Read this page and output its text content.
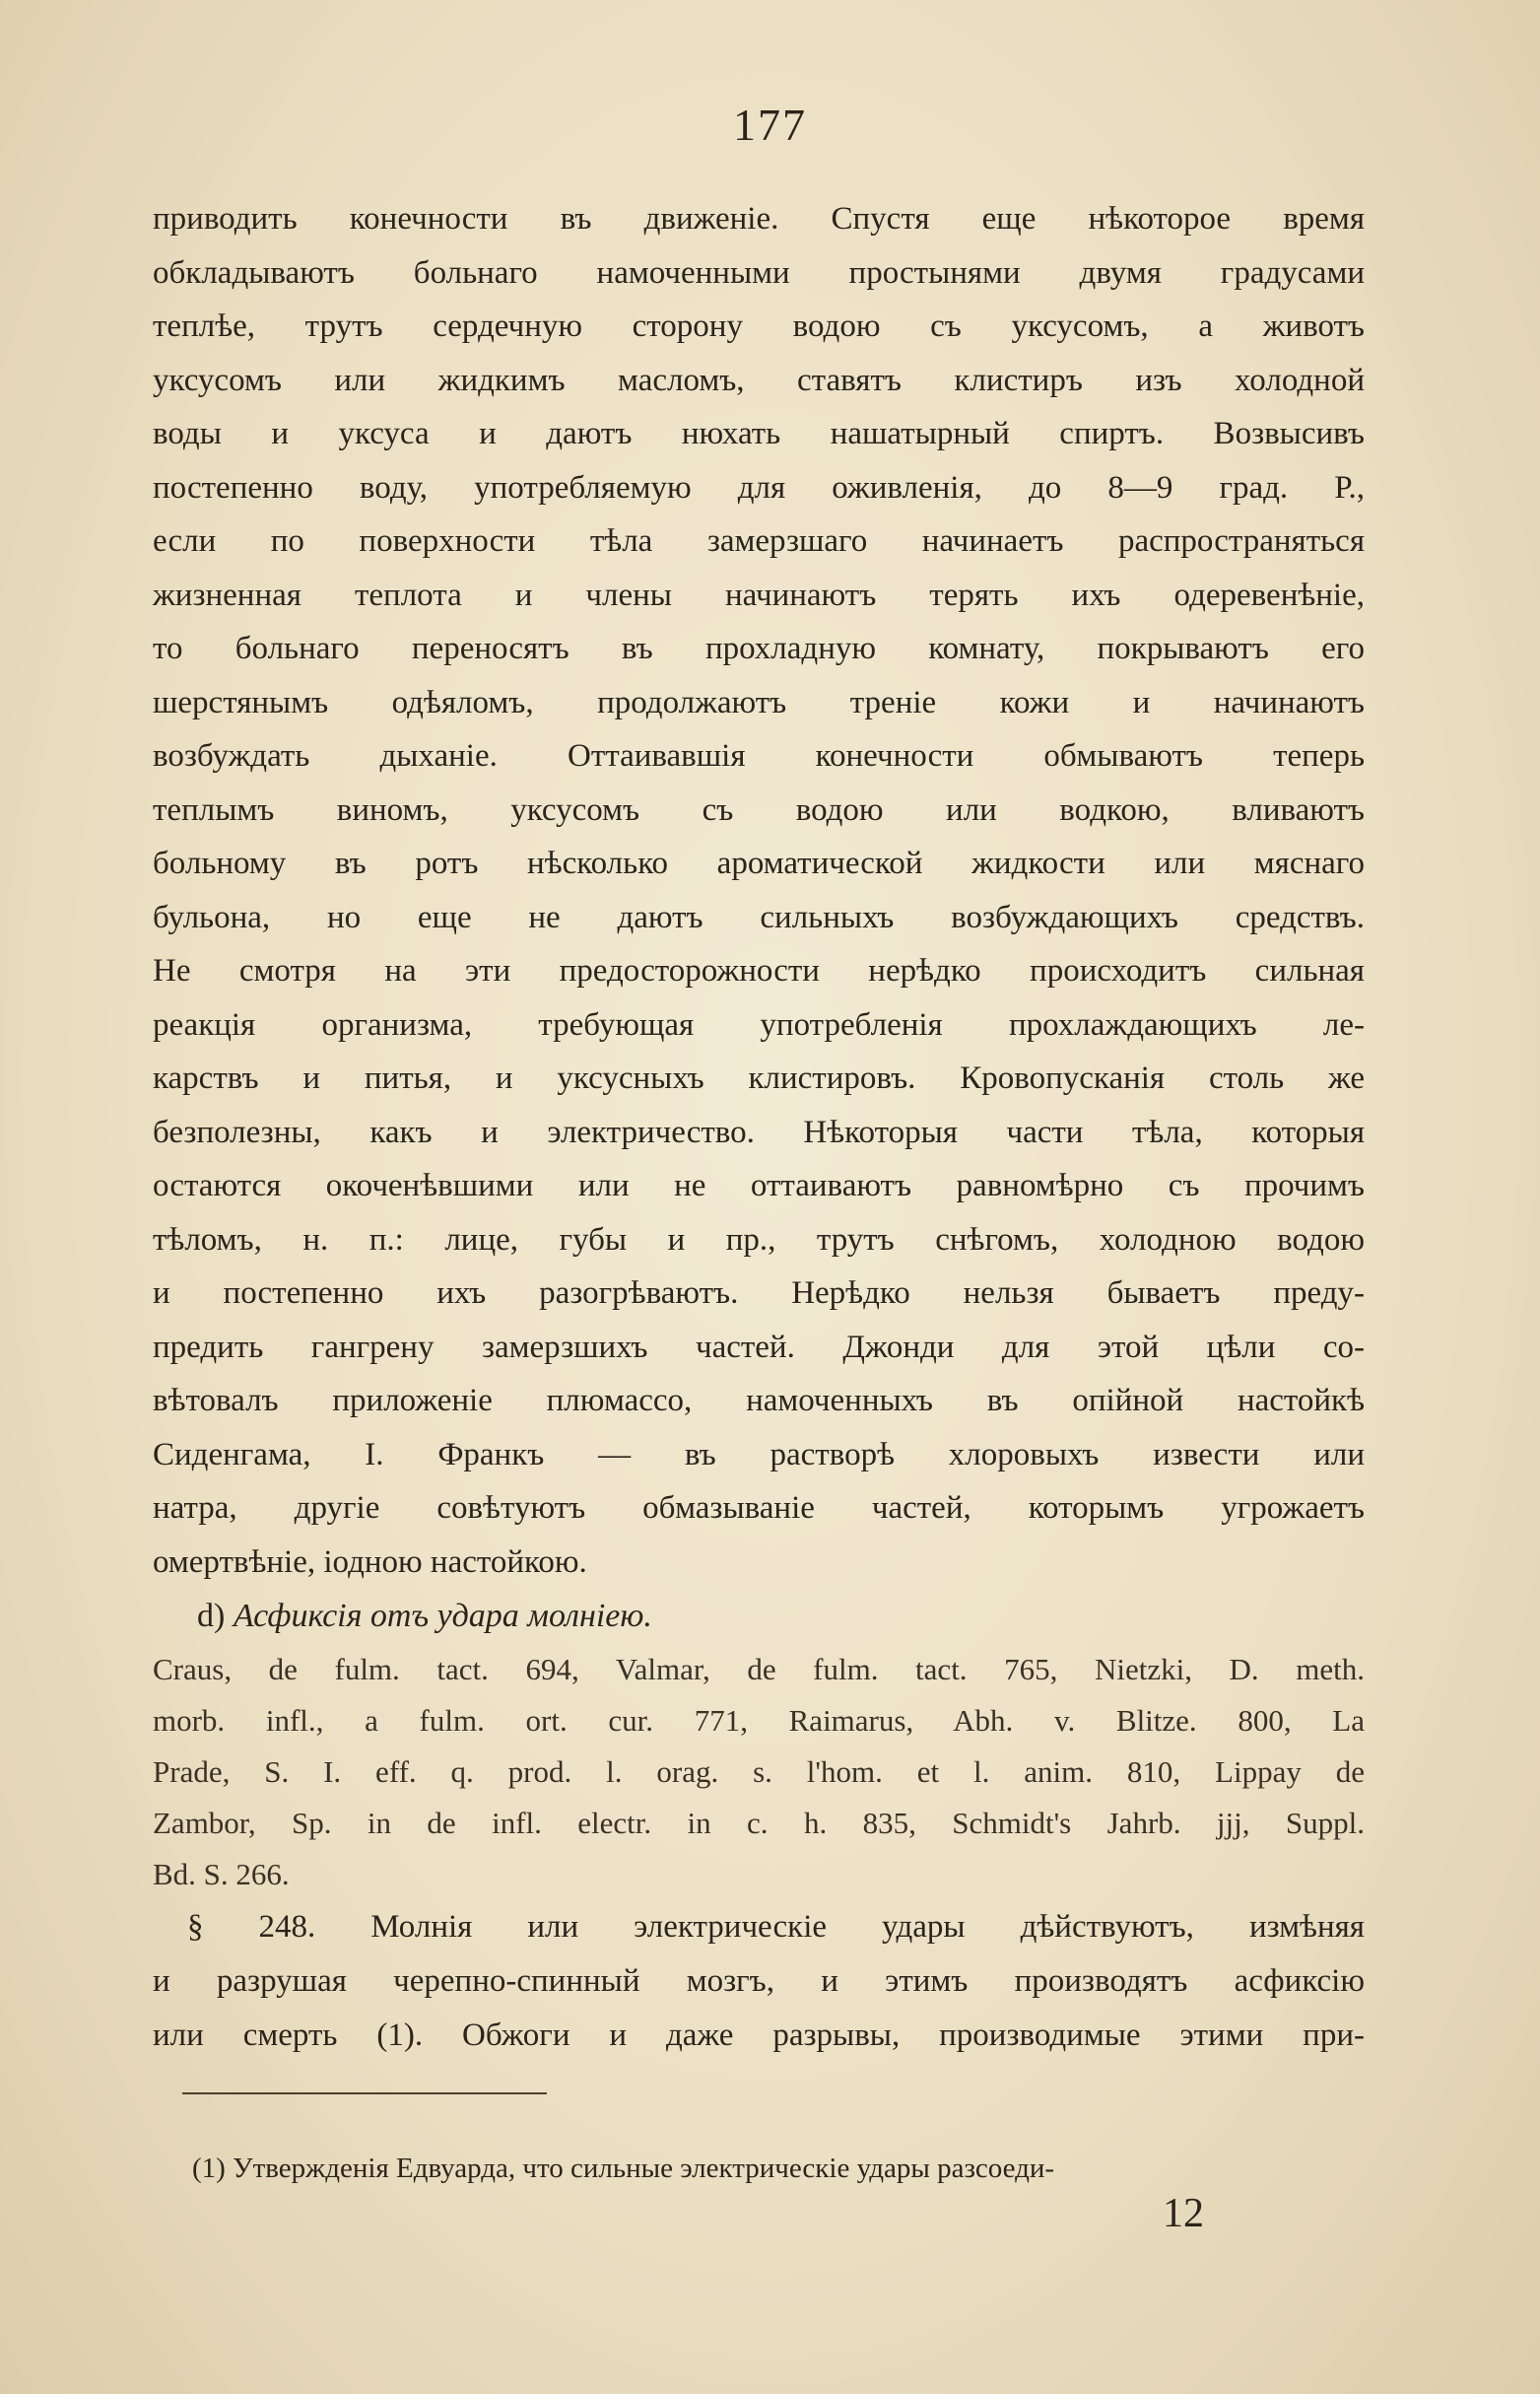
177
приводить конечности въ движеніе. Спустя еще нѣкоторое время
обкладываютъ больнаго намоченными простынями двумя градусами
теплѣе, трутъ сердечную сторону водою съ уксусомъ, а животъ
уксусомъ или жидкимъ масломъ, ставятъ клистиръ изъ холодной
воды и уксуса и даютъ нюхать нашатырный спиртъ. Возвысивъ
постепенно воду, употребляемую для оживленія, до 8—9 град. Р.,
если по поверхности тѣла замерзшаго начинаетъ распространяться
жизненная теплота и члены начинаютъ терять ихъ одеревенѣніе,
то больнаго переносятъ въ прохладную комнату, покрываютъ его
шерстянымъ одѣяломъ, продолжаютъ треніе кожи и начинаютъ
возбуждать дыханіе. Оттаивавшія конечности обмываютъ теперь
теплымъ виномъ, уксусомъ съ водою или водкою, вливаютъ
больному въ ротъ нѣсколько ароматической жидкости или мяснаго
бульона, но еще не даютъ сильныхъ возбуждающихъ средствъ.
Не смотря на эти предосторожности нерѣдко происходитъ сильная
реакція организма, требующая употребленія прохлаждающихъ ле-
карствъ и питья, и уксусныхъ клистировъ. Кровопусканія столь же
безполезны, какъ и электричество. Нѣкоторыя части тѣла, которыя
остаются окоченѣвшими или не оттаиваютъ равномѣрно съ прочимъ
тѣломъ, н. п.: лице, губы и пр., трутъ снѣгомъ, холодною водою
и постепенно ихъ разогрѣваютъ. Нерѣдко нельзя бываетъ преду-
предить гангрену замерзшихъ частей. Джонди для этой цѣли со-
вѣтовалъ приложеніе плюмассо, намоченныхъ въ опійной настойкѣ
Сиденгама, I. Франкъ — въ растворѣ хлоровыхъ извести или
натра, другіе совѣтуютъ обмазываніе частей, которымъ угрожаетъ
омертвѣніе, іодною настойкою.
d) Асфиксія отъ удара молніею.
Craus, de fulm. tact. 694, Valmar, de fulm. tact. 765, Nietzki, D. meth.
morb. infl., a fulm. ort. cur. 771, Raimarus, Abh. v. Blitze. 800, La
Prade, S. I. eff. q. prod. l. orag. s. l'hom. et l. anim. 810, Lippay de
Zambor, Sp. in de infl. electr. in c. h. 835, Schmidt's Jahrb. jjj, Suppl.
Bd. S. 266.
§ 248. Молнія или электрическіе удары дѣйствуютъ, измѣняя
и разрушая черепно-спинный мозгъ, и этимъ производятъ асфиксію
или смерть (1). Обжоги и даже разрывы, производимые этими при-
(1) Утвержденія Едвуарда, что сильные электрическіе удары разсоеди-
12
